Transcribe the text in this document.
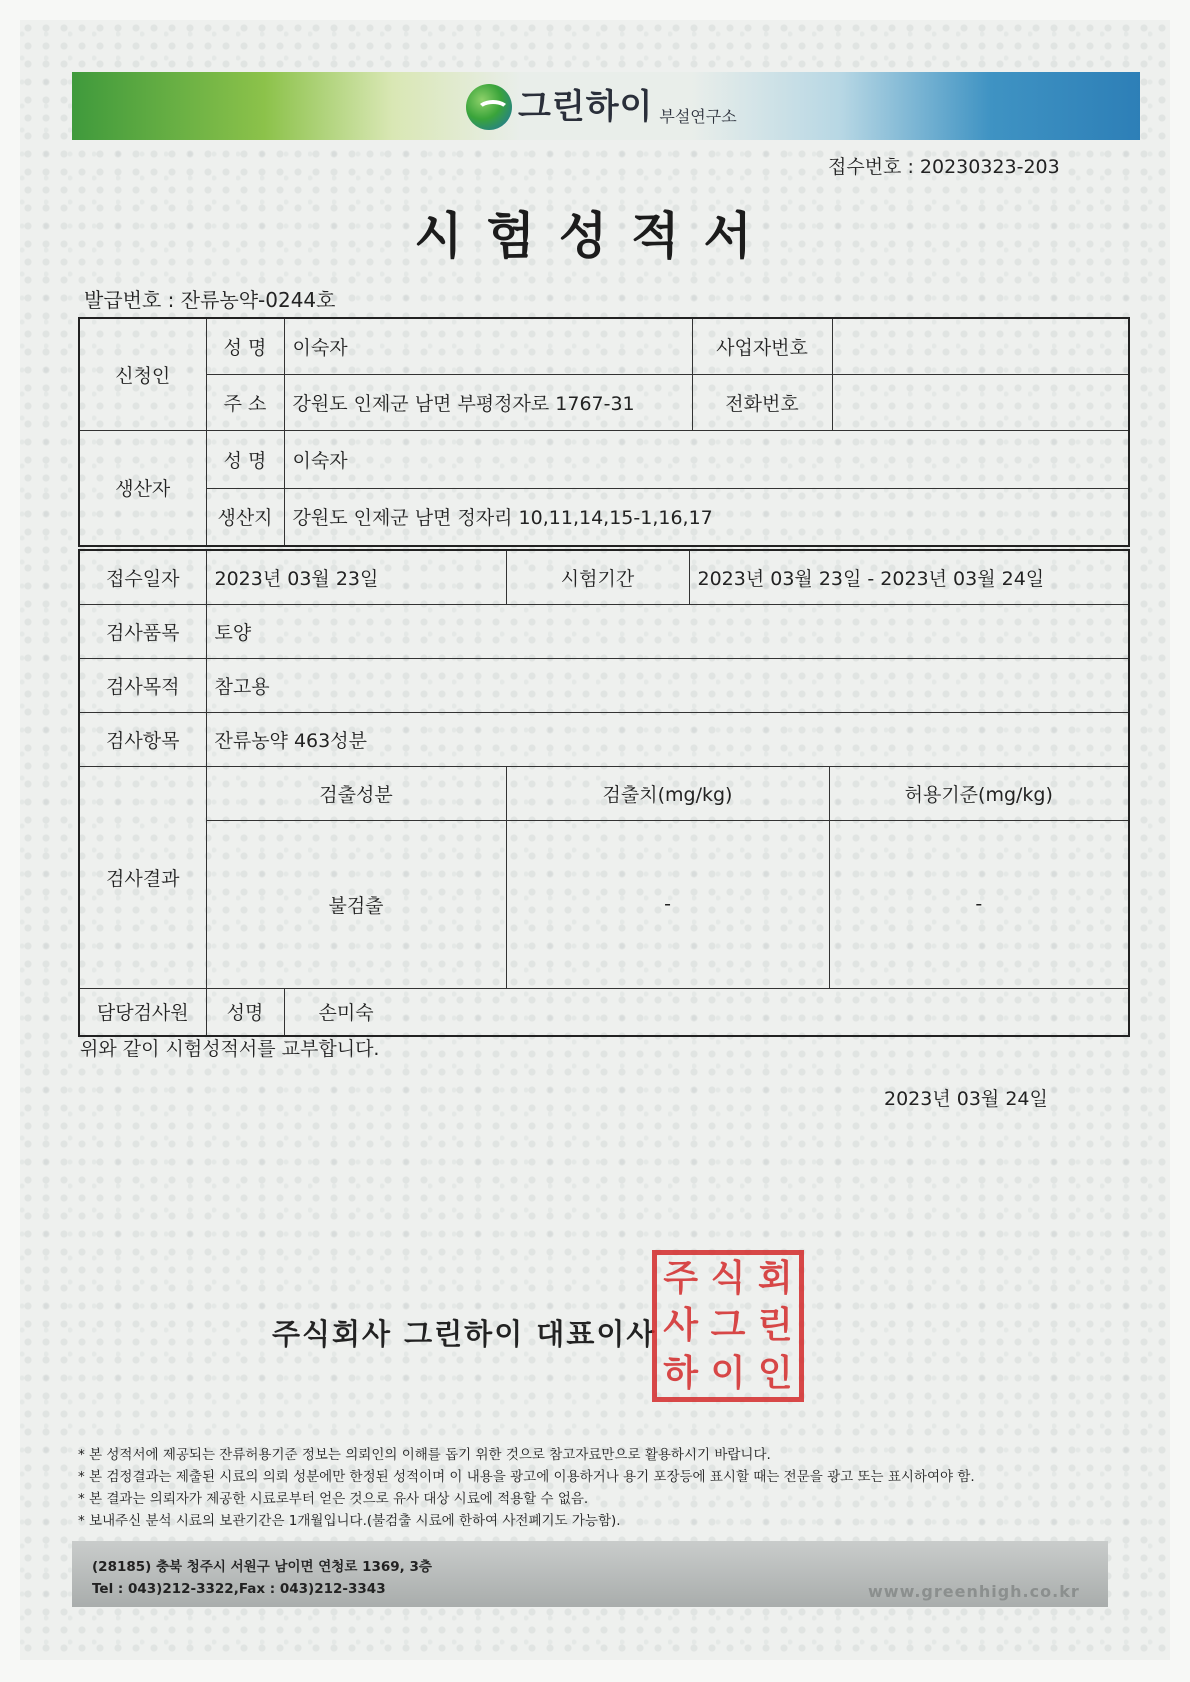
그린하이 부설연구소
접수번호 : 20230323-203
시험성적서
발급번호 : 잔류농약-0244호
신청인	성 명	이숙자	사업자번호	
	주 소	강원도 인제군 남면 부평정자로 1767-31	전화번호	
생산자	성 명	이숙자		
	생산지	강원도 인제군 남면 정자리 10,11,14,15-1,16,17		
접수일자	2023년 03월 23일		시험기간	2023년 03월 23일 - 2023년 03월 24일	
검사품목	토양				
검사목적	참고용				
검사항목	잔류농약 463성분				
검사결과	검출성분		검출치(mg/kg)		허용기준(mg/kg)
	불검출		-		-
담당검사원	성명	손미숙			
위와 같이 시험성적서를 교부합니다.
2023년 03월 24일
주식회사 그린하이 대표이사
주 식 회
사 그 린
하 이 인
* 본 성적서에 제공되는 잔류허용기준 정보는 의뢰인의 이해를 돕기 위한 것으로 참고자료만으로 활용하시기 바랍니다.
* 본 검정결과는 제출된 시료의 의뢰 성분에만 한정된 성적이며 이 내용을 광고에 이용하거나 용기 포장등에 표시할 때는 전문을 광고 또는 표시하여야 함.
* 본 결과는 의뢰자가 제공한 시료로부터 얻은 것으로 유사 대상 시료에 적용할 수 없음.
* 보내주신 분석 시료의 보관기간은 1개월입니다.(불검출 시료에 한하여 사전폐기도 가능함).
(28185) 충북 청주시 서원구 남이면 연청로 1369, 3층
Tel : 043)212-3322,Fax : 043)212-3343	www.greenhigh.co.kr
